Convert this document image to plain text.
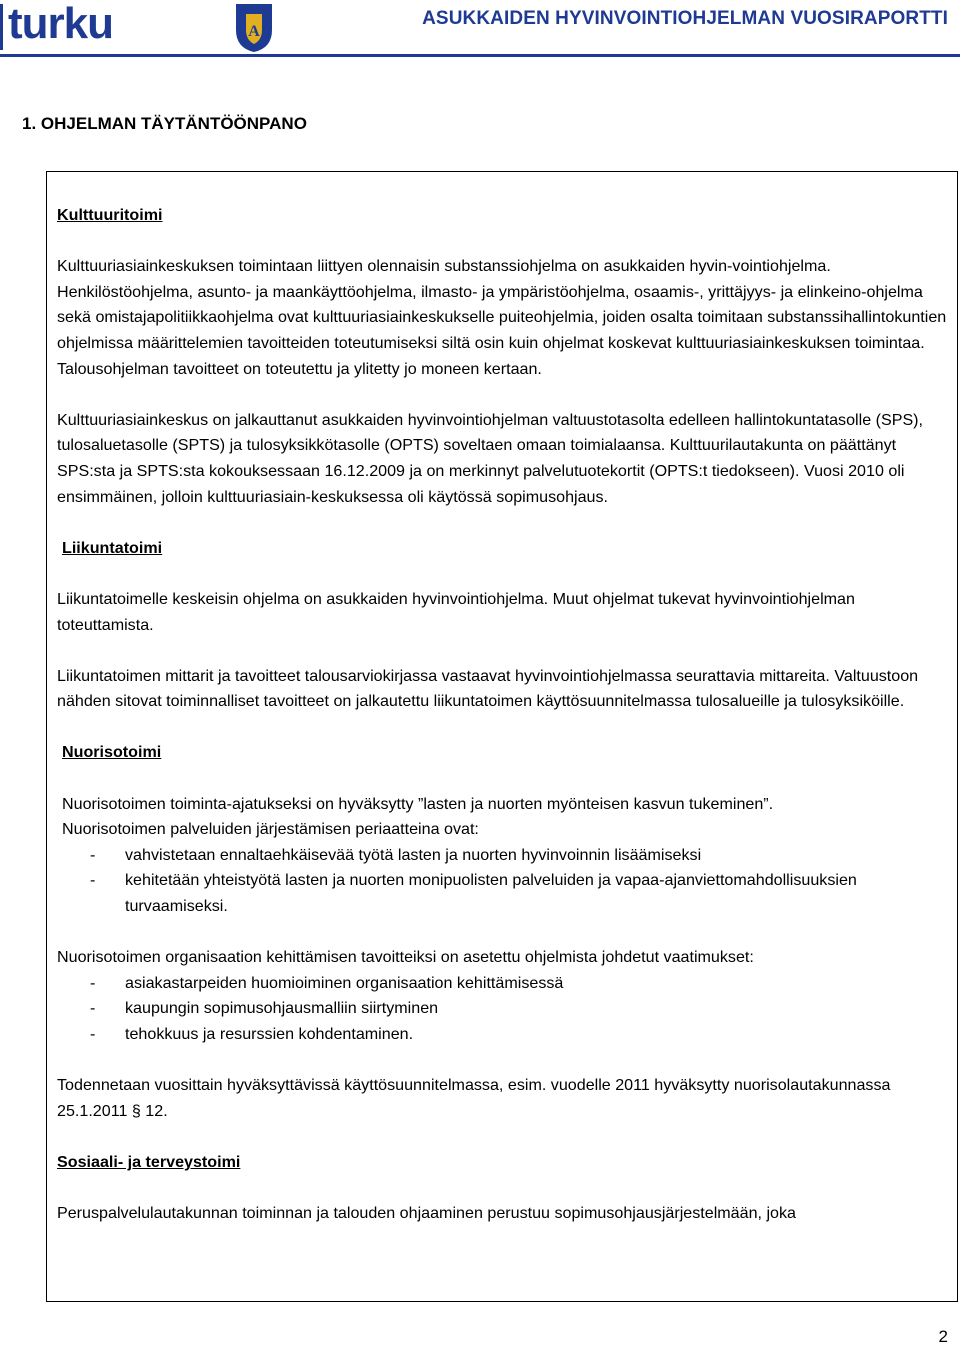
turku	A
ASUKKAIDEN HYVINVOINTIOHJELMAN VUOSIRAPORTTI
1. OHJELMAN TÄYTÄNTÖÖNPANO

Kulttuuritoimi

Kulttuuriasiainkeskuksen toimintaan liittyen olennaisin substanssiohjelma on asukkaiden hyvin-vointiohjelma. Henkilöstöohjelma, asunto- ja maankäyttöohjelma, ilmasto- ja ympäristöohjelma, osaamis-, yrittäjyys- ja elinkeino-ohjelma sekä omistajapolitiikkaohjelma ovat kulttuuriasiainkeskukselle puiteohjelmia, joiden osalta toimitaan substanssihallintokuntien ohjelmissa määrittelemien tavoitteiden toteutumiseksi siltä osin kuin ohjelmat koskevat kulttuuriasiainkeskuksen toimintaa. Talousohjelman tavoitteet on toteutettu ja ylitetty jo moneen kertaan.

Kulttuuriasiainkeskus on jalkauttanut asukkaiden hyvinvointiohjelman valtuustotasolta edelleen hallintokuntatasolle (SPS), tulosaluetasolle (SPTS) ja tulosyksikkötasolle (OPTS) soveltaen omaan toimialaansa. Kulttuurilautakunta on päättänyt SPS:sta ja SPTS:sta kokouksessaan 16.12.2009 ja on merkinnyt palvelutuotekortit (OPTS:t tiedokseen). Vuosi 2010 oli ensimmäinen, jolloin kulttuuriasiain-keskuksessa oli käytössä sopimusohjaus.

Liikuntatoimi

Liikuntatoimelle keskeisin ohjelma on asukkaiden hyvinvointiohjelma. Muut ohjelmat tukevat hyvinvointiohjelman toteuttamista.

Liikuntatoimen mittarit ja tavoitteet talousarviokirjassa vastaavat hyvinvointiohjelmassa seurattavia mittareita. Valtuustoon nähden sitovat toiminnalliset tavoitteet on jalkautettu liikuntatoimen käyttösuunnitelmassa tulosalueille ja tulosyksiköille.

Nuorisotoimi

Nuorisotoimen toiminta-ajatukseksi on hyväksytty ”lasten ja nuorten myönteisen kasvun tukeminen”.

Nuorisotoimen palveluiden järjestämisen periaatteina ovat:

- vahvistetaan ennaltaehkäisevää työtä lasten ja nuorten hyvinvoinnin lisäämiseksi
- kehitetään yhteistyötä lasten ja nuorten monipuolisten palveluiden ja vapaa-ajanviettomahdollisuuksien turvaamiseksi.

Nuorisotoimen organisaation kehittämisen tavoitteiksi on asetettu ohjelmista johdetut vaatimukset:

- asiakastarpeiden huomioiminen organisaation kehittämisessä
- kaupungin sopimusohjausmalliin siirtyminen
- tehokkuus ja resurssien kohdentaminen.

Todennetaan vuosittain hyväksyttävissä käyttösuunnitelmassa, esim. vuodelle 2011 hyväksytty nuorisolautakunnassa 25.1.2011 § 12.

Sosiaali- ja terveystoimi

Peruspalvelulautakunnan toiminnan ja talouden ohjaaminen perustuu sopimusohjausjärjestelmään, joka

2
